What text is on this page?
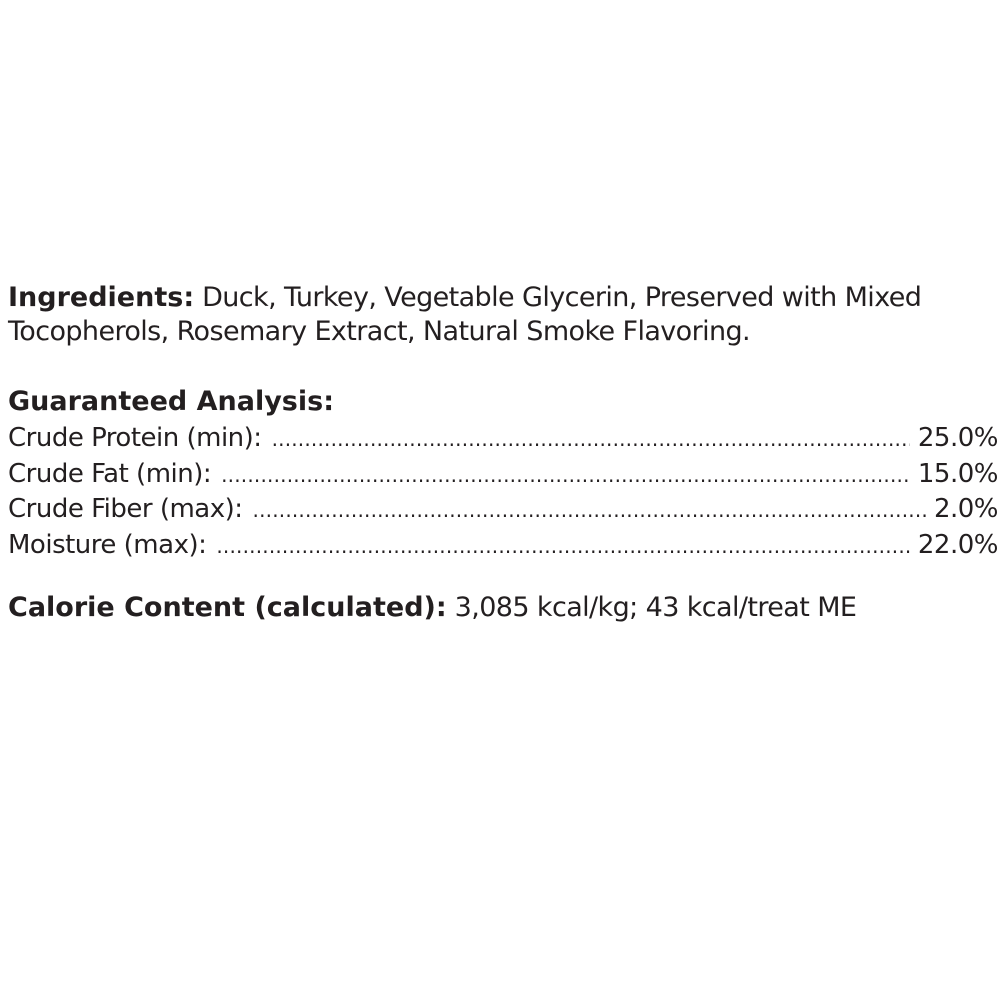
Ingredients: Duck, Turkey, Vegetable Glycerin, Preserved with Mixed Tocopherols, Rosemary Extract, Natural Smoke Flavoring.
Guaranteed Analysis:
Crude Protein (min): .....	25.0%
Crude Fat (min): .....	15.0%
Crude Fiber (max): .....	2.0%
Moisture (max): .....	22.0%
Calorie Content (calculated): 3,085 kcal/kg; 43 kcal/treat ME
